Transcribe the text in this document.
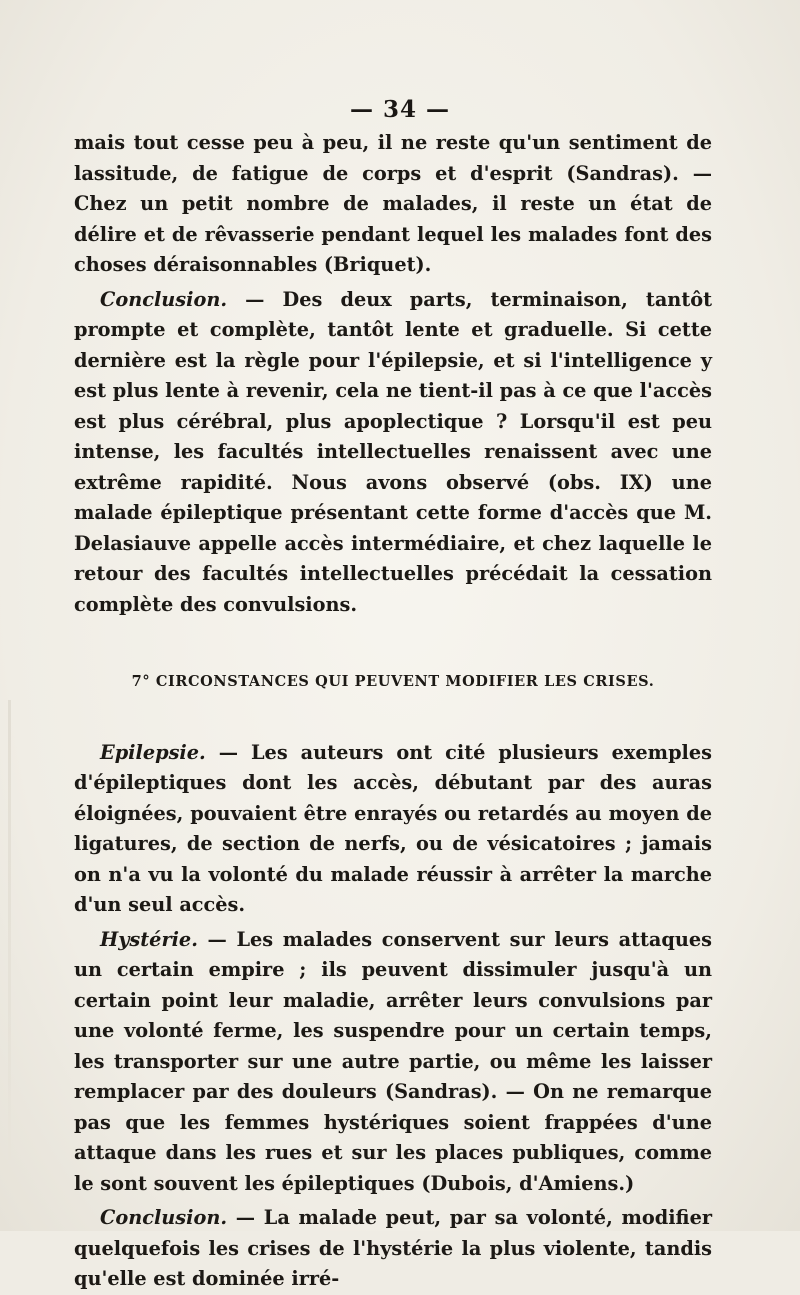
— 34 —

mais tout cesse peu à peu, il ne reste qu'un sentiment de lassitude, de fatigue de corps et d'esprit (Sandras). — Chez un petit nombre de malades, il reste un état de délire et de rêvasserie pendant lequel les malades font des choses déraisonnables (Briquet).

Conclusion. — Des deux parts, terminaison, tantôt prompte et complète, tantôt lente et graduelle. Si cette dernière est la règle pour l'épilepsie, et si l'intelligence y est plus lente à revenir, cela ne tient-il pas à ce que l'accès est plus cérébral, plus apoplectique ? Lorsqu'il est peu intense, les facultés intellectuelles renaissent avec une extrême rapidité. Nous avons observé (obs. IX) une malade épileptique présentant cette forme d'accès que M. Delasiauve appelle accès intermédiaire, et chez laquelle le retour des facultés intellectuelles précédait la cessation complète des convulsions.

7° CIRCONSTANCES QUI PEUVENT MODIFIER LES CRISES.

Epilepsie. — Les auteurs ont cité plusieurs exemples d'épileptiques dont les accès, débutant par des auras éloignées, pouvaient être enrayés ou retardés au moyen de ligatures, de section de nerfs, ou de vésicatoires ; jamais on n'a vu la volonté du malade réussir à arrêter la marche d'un seul accès.

Hystérie. — Les malades conservent sur leurs attaques un certain empire ; ils peuvent dissimuler jusqu'à un certain point leur maladie, arrêter leurs convulsions par une volonté ferme, les suspendre pour un certain temps, les transporter sur une autre partie, ou même les laisser remplacer par des douleurs (Sandras). — On ne remarque pas que les femmes hystériques soient frappées d'une attaque dans les rues et sur les places publiques, comme le sont souvent les épileptiques (Dubois, d'Amiens.)

Conclusion. — La malade peut, par sa volonté, modifier quelquefois les crises de l'hystérie la plus violente, tandis qu'elle est dominée irré-
